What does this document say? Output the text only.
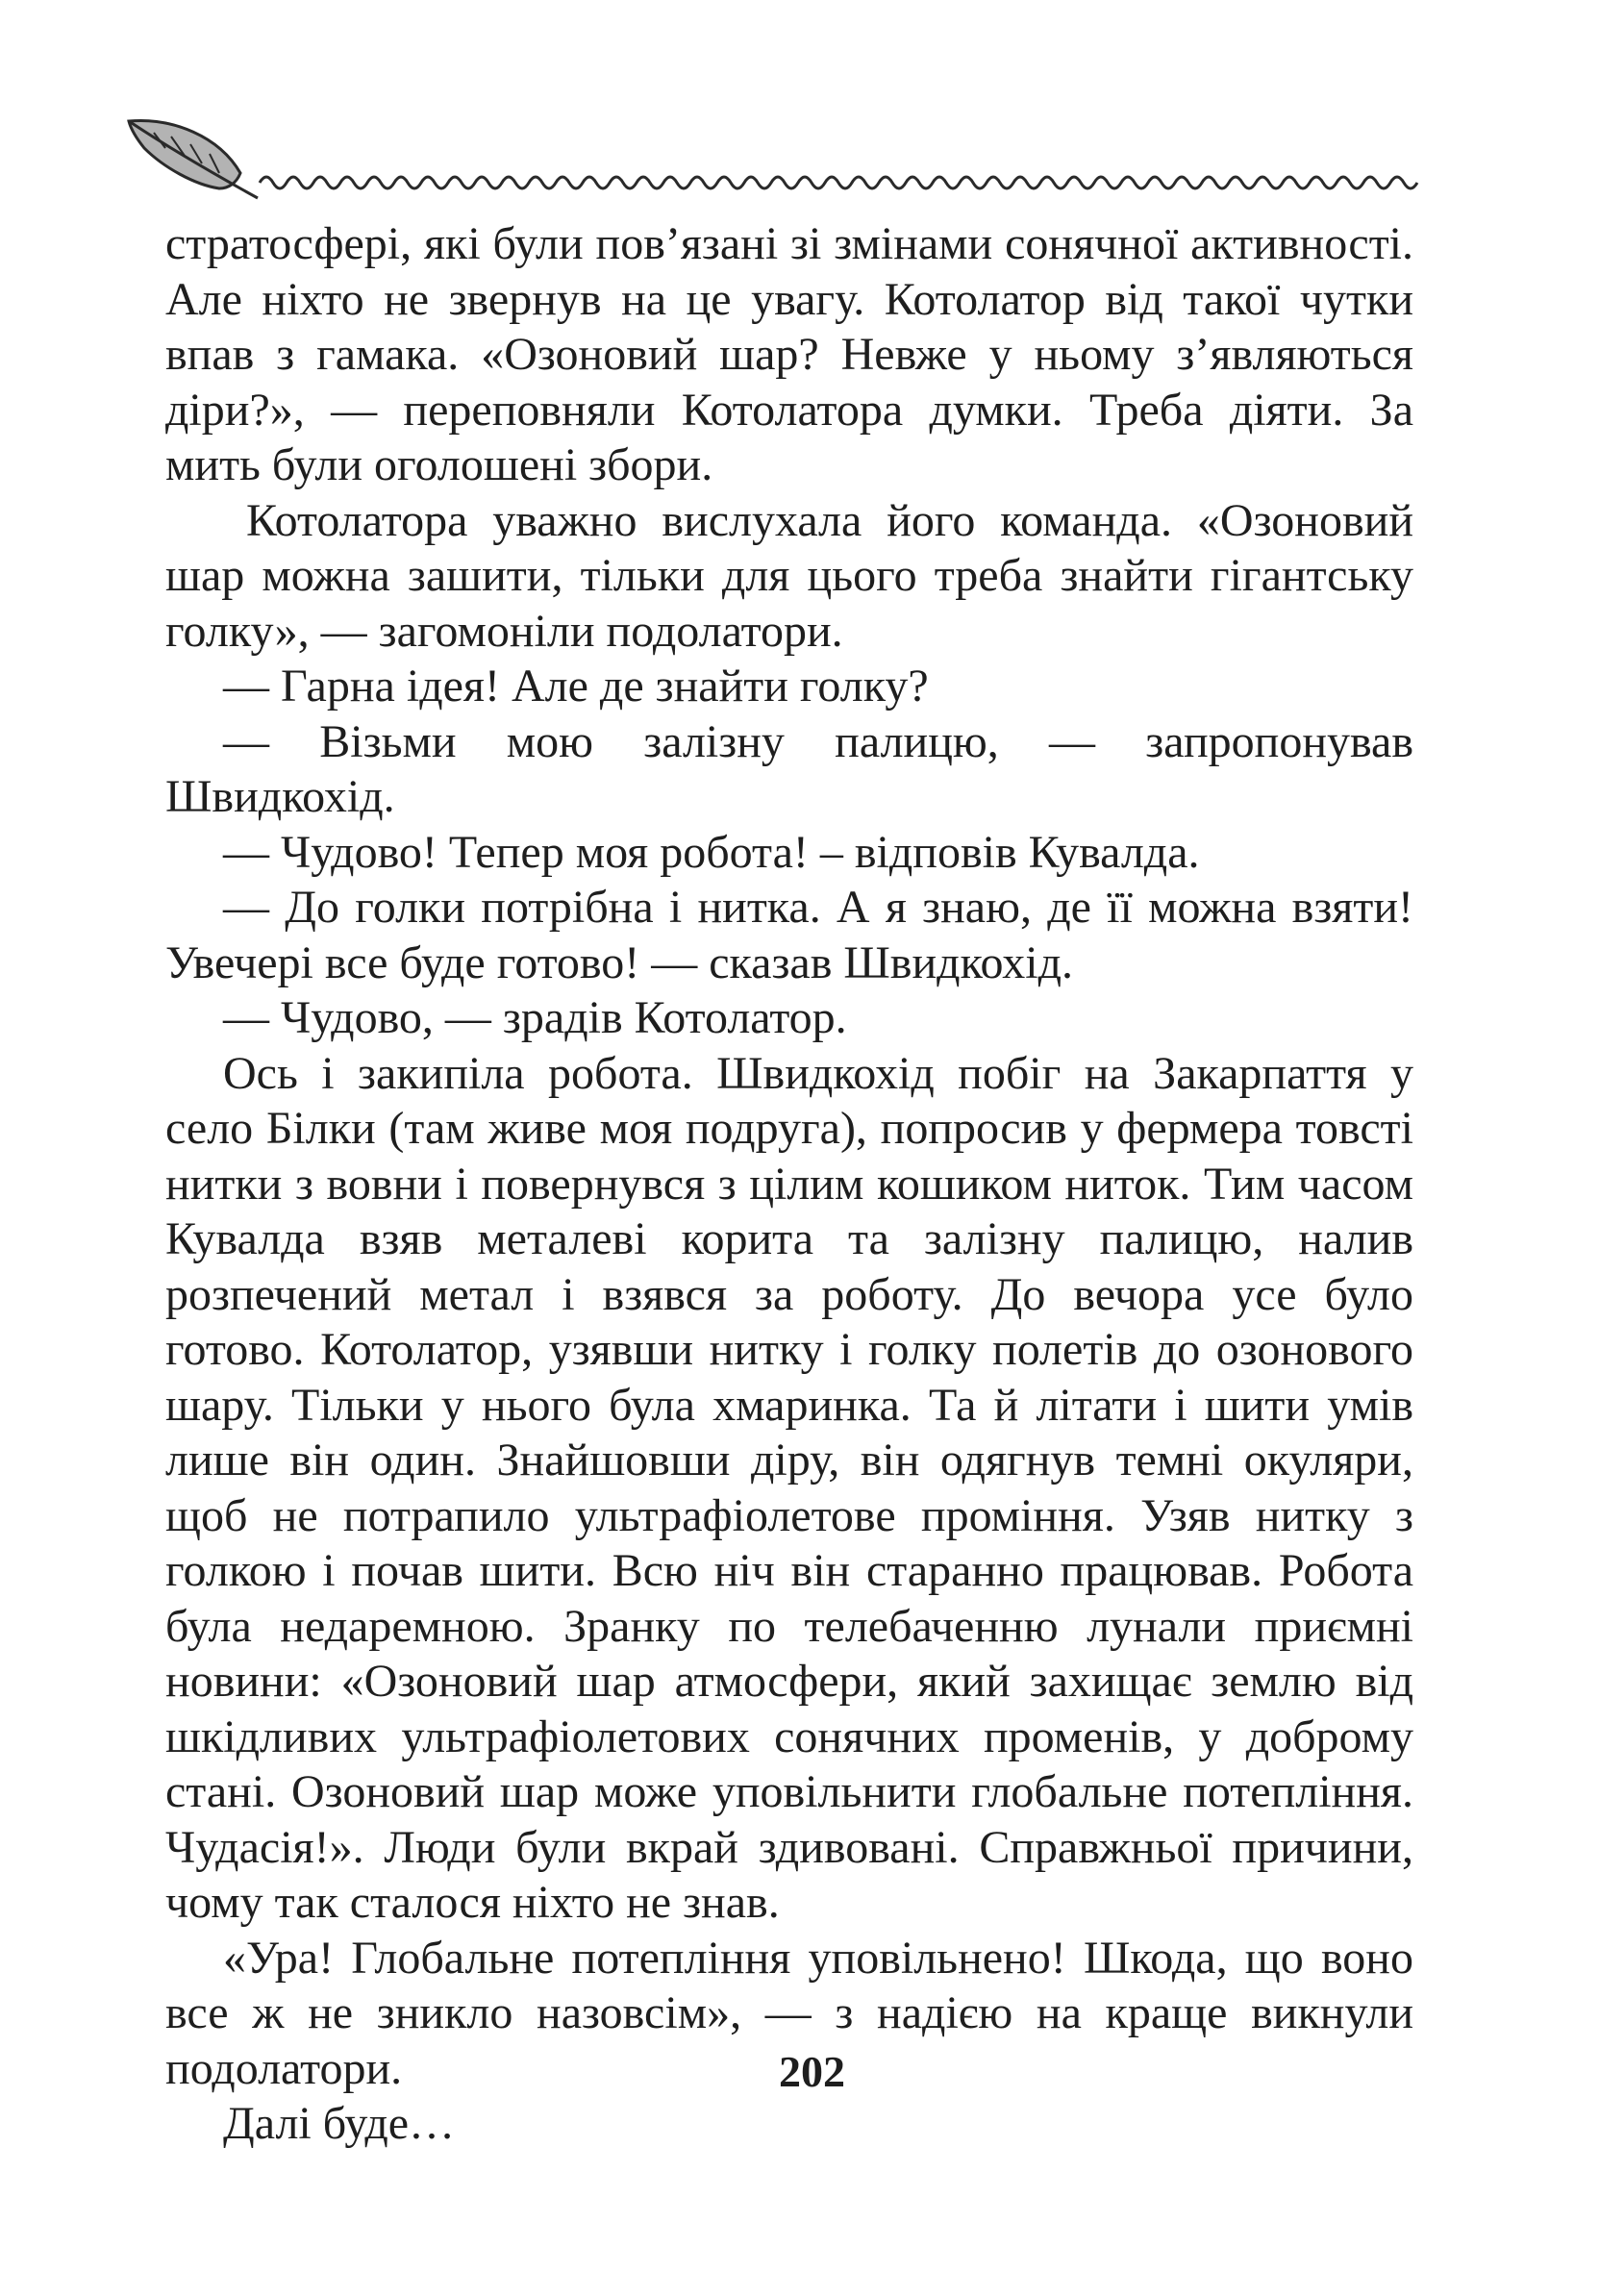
стратосфері, які були пов’язані зі змінами сонячної активності. Але ніхто не звернув на це увагу. Котолатор від такої чутки впав з гамака. «Озоновий шар? Невже у ньому з’являються діри?», — переповняли Котолатора думки. Треба діяти. За мить були оголошені збори.

Котолатора уважно вислухала його команда. «Озоновий шар можна зашити, тільки для цього треба знайти гігантську голку», — загомоніли подолатори.

— Гарна ідея! Але де знайти голку?

— Візьми мою залізну палицю, — запропонував Швидкохід.

— Чудово! Тепер моя робота! – відповів Кувалда.

— До голки потрібна і нитка. А я знаю, де її можна взяти! Увечері все буде готово! — сказав Швидкохід.

— Чудово, — зрадів Котолатор.

Ось і закипіла робота. Швидкохід побіг на Закарпаття у село Білки (там живе моя подруга), попросив у фермера товсті нитки з вовни і повернувся з цілим кошиком ниток. Тим часом Кувалда взяв металеві корита та залізну палицю, налив розпечений метал і взявся за роботу. До вечора усе було готово. Котолатор, узявши нитку і голку полетів до озонового шару. Тільки у нього була хмаринка. Та й літати і шити умів лише він один. Знайшовши діру, він одягнув темні окуляри, щоб не потрапило ультрафіолетове проміння. Узяв нитку з голкою і почав шити. Всю ніч він старанно працював. Робота була недаремною. Зранку по телебаченню лунали приємні новини: «Озоновий шар атмосфери, який захищає землю від шкідливих ультрафіолетових сонячних променів, у доброму стані. Озоновий шар може уповільнити глобальне потепління. Чудасія!». Люди були вкрай здивовані. Справжньої причини, чому так сталося ніхто не знав.

«Ура! Глобальне потепління уповільнено! Шкода, що воно все ж не зникло назовсім», — з надією на краще викнули подолатори.

Далі буде…

202
